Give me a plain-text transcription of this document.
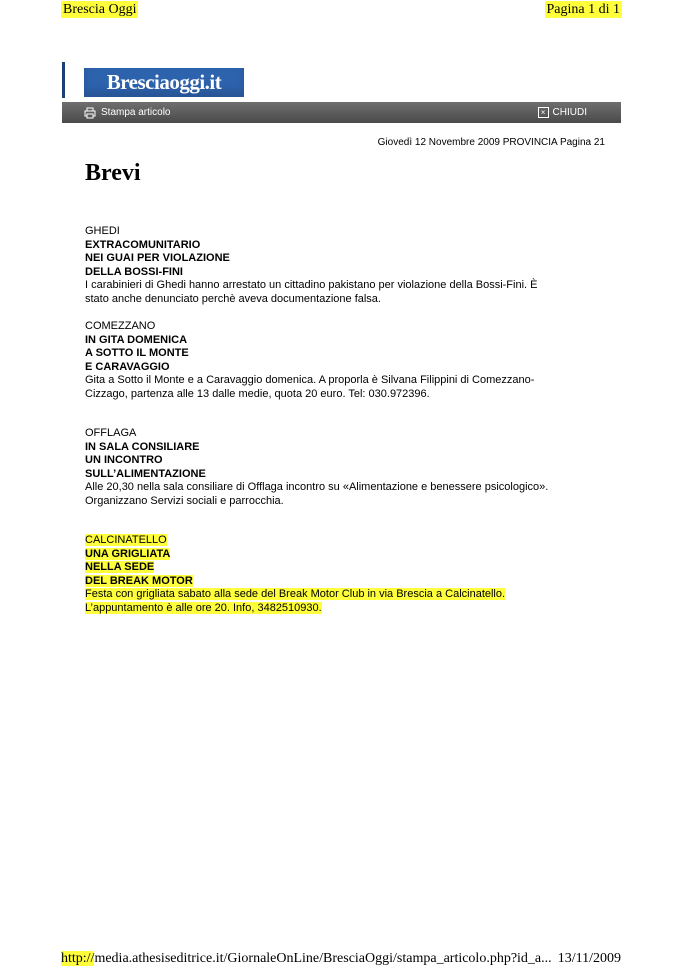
Brescia Oggi	Pagina 1 di 1
Bresciaoggi.it
Stampa articolo	× CHIUDI
Giovedì 12 Novembre 2009 PROVINCIA Pagina 21
Brevi
GHEDI
EXTRACOMUNITARIO
NEI GUAI PER VIOLAZIONE
DELLA BOSSI-FINI
I carabinieri di Ghedi hanno arrestato un cittadino pakistano per violazione della Bossi-Fini. È
stato anche denunciato perchè aveva documentazione falsa.
COMEZZANO
IN GITA DOMENICA
A SOTTO IL MONTE
E CARAVAGGIO
Gita a Sotto il Monte e a Caravaggio domenica. A proporla è Silvana Filippini di Comezzano-
Cizzago, partenza alle 13 dalle medie, quota 20 euro. Tel: 030.972396.
OFFLAGA
IN SALA CONSILIARE
UN INCONTRO
SULL’ALIMENTAZIONE
Alle 20,30 nella sala consiliare di Offlaga incontro su «Alimentazione e benessere psicologico».
Organizzano Servizi sociali e parrocchia.
CALCINATELLO
UNA GRIGLIATA
NELLA SEDE
DEL BREAK MOTOR
Festa con grigliata sabato alla sede del Break Motor Club in via Brescia a Calcinatello.
L’appuntamento è alle ore 20. Info, 3482510930.
http://media.athesiseditrice.it/GiornaleOnLine/BresciaOggi/stampa_articolo.php?id_a... 13/11/2009
